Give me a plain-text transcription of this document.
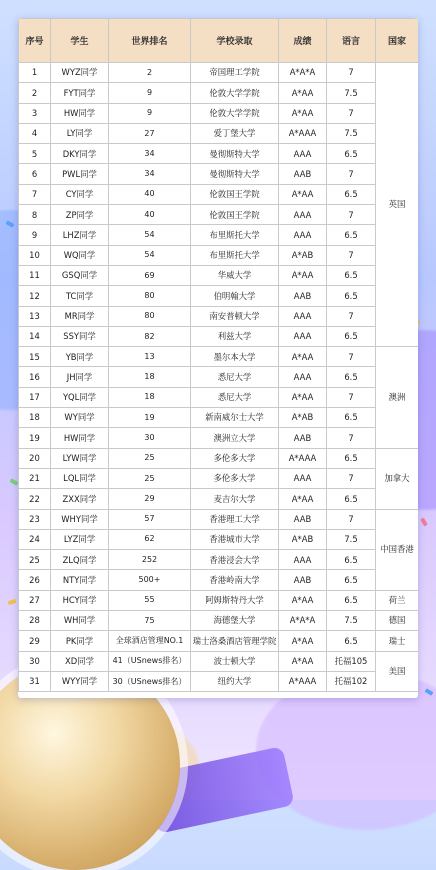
序号	学生	世界排名	学校录取	成绩	语言	国家
1	WYZ同学	2	帝国理工学院	A*A*A	7	英国
2	FYT同学	9	伦敦大学学院	A*AA	7.5	
3	HW同学	9	伦敦大学学院	A*AA	7	
4	LY同学	27	爱丁堡大学	A*AAA	7.5	
5	DKY同学	34	曼彻斯特大学	AAA	6.5	
6	PWL同学	34	曼彻斯特大学	AAB	7	
7	CY同学	40	伦敦国王学院	A*AA	6.5	
8	ZP同学	40	伦敦国王学院	AAA	7	
9	LHZ同学	54	布里斯托大学	AAA	6.5	
10	WQ同学	54	布里斯托大学	A*AB	7	
11	GSQ同学	69	华威大学	A*AA	6.5	
12	TC同学	80	伯明翰大学	AAB	6.5	
13	MR同学	80	南安普顿大学	AAA	7	
14	SSY同学	82	利兹大学	AAA	6.5	
15	YB同学	13	墨尔本大学	A*AA	7	澳洲
16	JH同学	18	悉尼大学	AAA	6.5	
17	YQL同学	18	悉尼大学	A*AA	7	
18	WY同学	19	新南威尔士大学	A*AB	6.5	
19	HW同学	30	澳洲立大学	AAB	7	
20	LYW同学	25	多伦多大学	A*AAA	6.5	加拿大
21	LQL同学	25	多伦多大学	AAA	7	
22	ZXX同学	29	麦吉尔大学	A*AA	6.5	
23	WHY同学	57	香港理工大学	AAB	7	中国香港
24	LYZ同学	62	香港城市大学	A*AB	7.5	
25	ZLQ同学	252	香港浸会大学	AAA	6.5	
26	NTY同学	500+	香港岭南大学	AAB	6.5	
27	HCY同学	55	阿姆斯特丹大学	A*AA	6.5	荷兰
28	WH同学	75	海德堡大学	A*A*A	7.5	德国
29	PK同学	全球酒店管理NO.1	瑞士洛桑酒店管理学院	A*AA	6.5	瑞士
30	XD同学	41（USnews排名）	波士顿大学	A*AA	托福105	美国
31	WYY同学	30（USnews排名）	纽约大学	A*AAA	托福102	
